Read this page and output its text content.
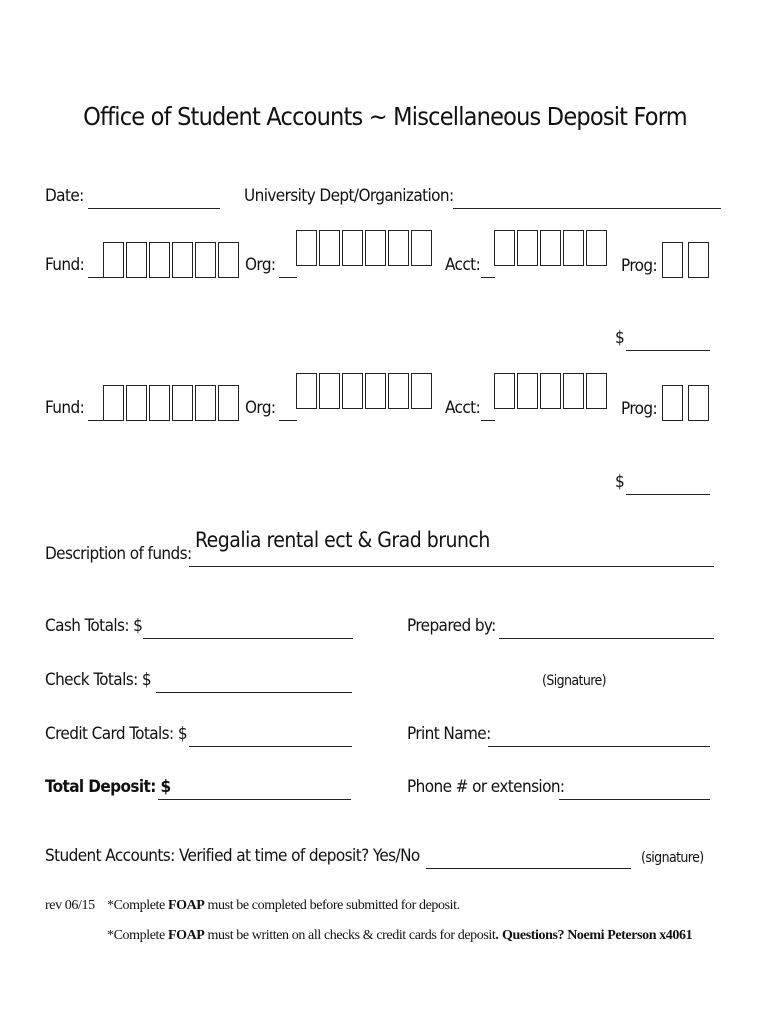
Office of Student Accounts ~ Miscellaneous Deposit Form
Date:	University Dept/Organization:
Fund:	Org:	Acct:	Prog:
$
Fund:	Org:	Acct:	Prog:
$
Description of funds:
Regalia rental ect & Grad brunch
Cash Totals: $
Check Totals: $
Credit Card Totals: $
Total Deposit: $
Prepared by:
(Signature)
Print Name:
Phone # or extension:
Student Accounts: Verified at time of deposit? Yes/No	(signature)
rev 06/15 *Complete FOAP must be completed before submitted for deposit.
*Complete FOAP must be written on all checks & credit cards for deposit. Questions? Noemi Peterson x4061
